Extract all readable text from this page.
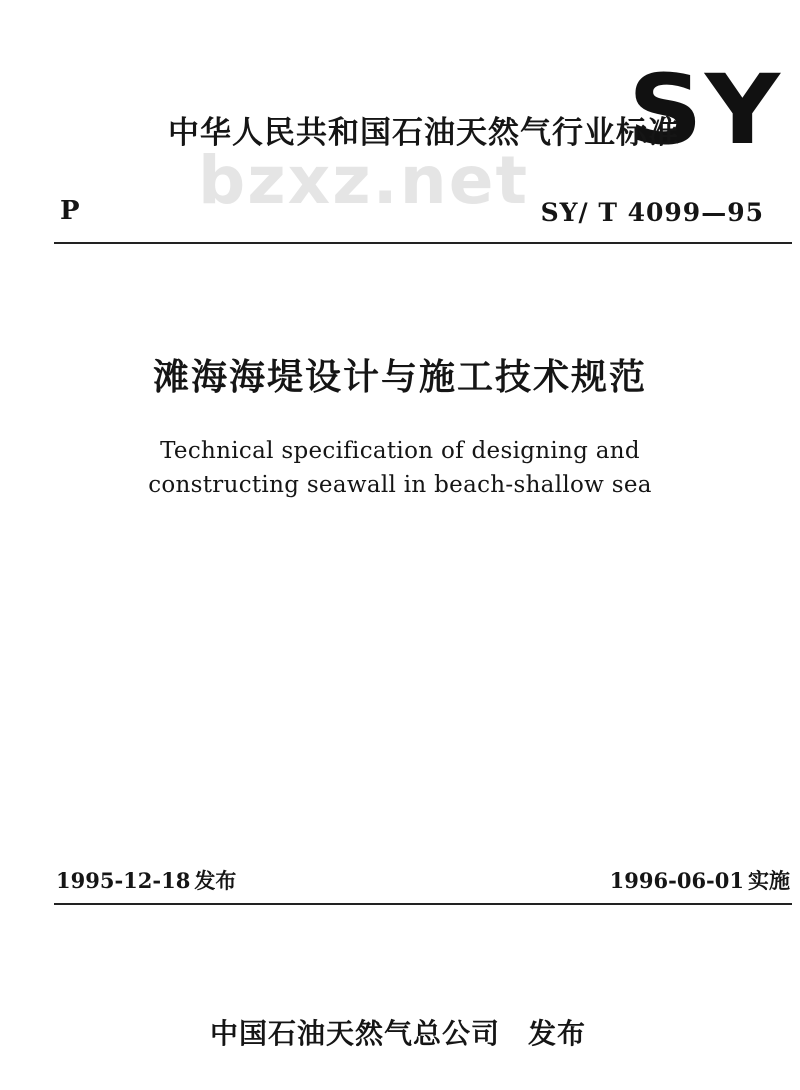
SY
bzxz.net
中华人民共和国石油天然气行业标准
P	SY/ T 4099—95
滩海海堤设计与施工技术规范
Technical specification of designing and
constructing seawall in beach-shallow sea
1995-12-18 发布	1996-06-01 实施
中国石油天然气总公司 发布
